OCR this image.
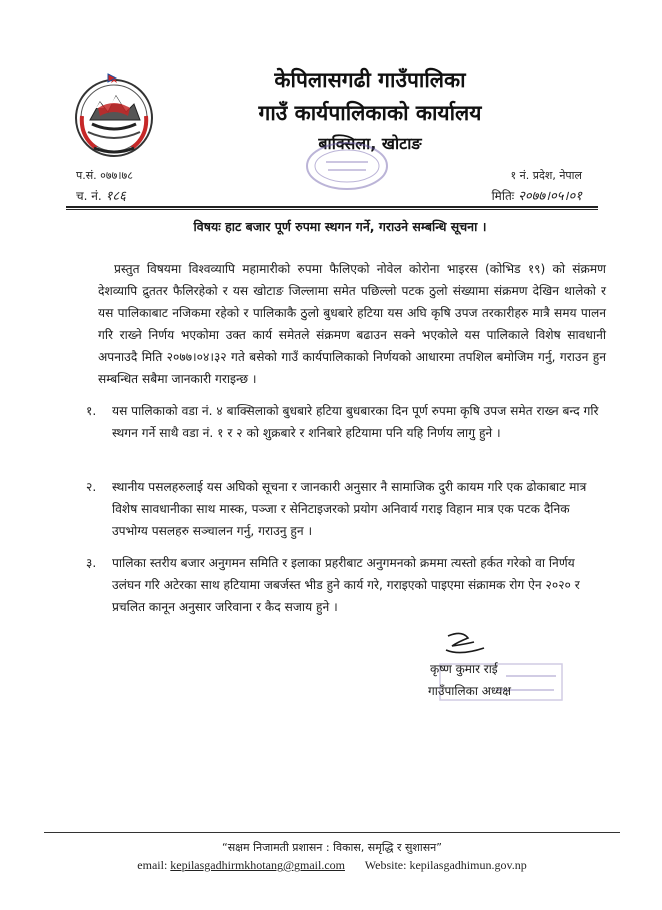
केपिलासगढी गाउँपालिका
गाउँ कार्यपालिकाको कार्यालय
बाक्सिला, खोटाङ
प.सं. ०७७।७८
च. नं. १८६
१ नं. प्रदेश, नेपाल
मितिः २०७७।०५।०१
विषयः हाट बजार पूर्ण रुपमा स्थगन गर्ने, गराउने सम्बन्धि सूचना ।
प्रस्तुत विषयमा विश्वव्यापि महामारीको रुपमा फैलिएको नोवेल कोरोना भाइरस (कोभिड १९) को संक्रमण देशव्यापि द्रुततर फैलिरहेको र यस खोटाङ जिल्लामा समेत पछिल्लो पटक ठुलो संख्यामा संक्रमण देखिन थालेको र यस पालिकाबाट नजिकमा रहेको र पालिकाकै ठुलो बुधबारे हटिया यस अघि कृषि उपज तरकारीहरु मात्रै समय पालन गरि राख्ने निर्णय भएकोमा उक्त कार्य समेतले संक्रमण बढाउन सक्ने भएकोले यस पालिकाले विशेष सावधानी अपनाउदै मिति २०७७।०४।३२ गते बसेको गाउँ कार्यपालिकाको निर्णयको आधारमा तपशिल बमोजिम गर्नु, गराउन हुन सम्बन्धित सबैमा जानकारी गराइन्छ ।
१.	यस पालिकाको वडा नं. ४ बाक्सिलाको बुधबारे हटिया बुधबारका दिन पूर्ण रुपमा कृषि उपज समेत राख्न बन्द गरि स्थगन गर्ने साथै वडा नं. १ र २ को शुक्रबारे र शनिबारे हटियामा पनि यहि निर्णय लागु हुने ।
२.	स्थानीय पसलहरुलाई यस अघिको सूचना र जानकारी अनुसार नै सामाजिक दुरी कायम गरि एक ढोकाबाट मात्र विशेष सावधानीका साथ मास्क, पञ्जा र सेनिटाइजरको प्रयोग अनिवार्य गराइ विहान मात्र एक पटक दैनिक उपभोग्य पसलहरु सञ्चालन गर्नु, गराउनु हुन ।
३.	पालिका स्तरीय बजार अनुगमन समिति र इलाका प्रहरीबाट अनुगमनको क्रममा त्यस्तो हर्कत गरेको वा निर्णय उलंघन गरि अटेरका साथ हटियामा जबर्जस्त भीड हुने कार्य गरे, गराइएको पाइएमा संक्रामक रोग ऐन २०२० र प्रचलित कानून अनुसार जरिवाना र कैद सजाय हुने ।
कृष्ण कुमार राई
गाउँपालिका अध्यक्ष
“सक्षम निजामती प्रशासन : विकास, समृद्धि र सुशासन”
email: kepilasgadhirmkhotang@gmail.com Website: kepilasgadhimun.gov.np
